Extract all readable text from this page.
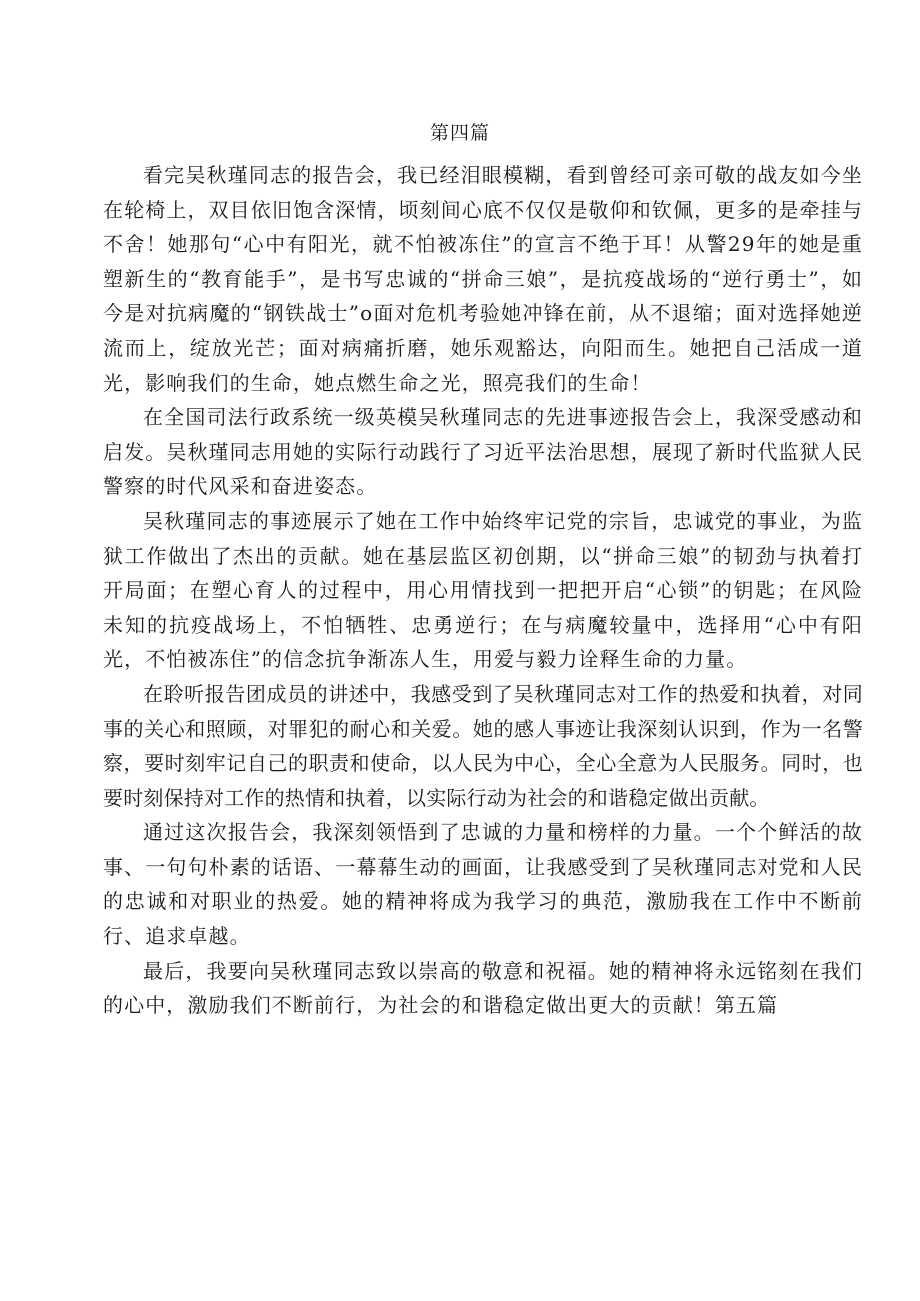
第四篇

看完吴秋瑾同志的报告会，我已经泪眼模糊，看到曾经可亲可敬的战友如今坐在轮椅上，双目依旧饱含深情，顷刻间心底不仅仅是敬仰和钦佩，更多的是牵挂与不舍！她那句“心中有阳光，就不怕被冻住”的宣言不绝于耳！从警29年的她是重塑新生的“教育能手”，是书写忠诚的“拼命三娘”，是抗疫战场的“逆行勇士”，如今是对抗病魔的“钢铁战士”o面对危机考验她冲锋在前，从不退缩；面对选择她逆流而上，绽放光芒；面对病痛折磨，她乐观豁达，向阳而生。她把自己活成一道光，影响我们的生命，她点燃生命之光，照亮我们的生命！

在全国司法行政系统一级英模吴秋瑾同志的先进事迹报告会上，我深受感动和启发。吴秋瑾同志用她的实际行动践行了习近平法治思想，展现了新时代监狱人民警察的时代风采和奋进姿态。

吴秋瑾同志的事迹展示了她在工作中始终牢记党的宗旨，忠诚党的事业，为监狱工作做出了杰出的贡献。她在基层监区初创期，以“拼命三娘”的韧劲与执着打开局面；在塑心育人的过程中，用心用情找到一把把开启“心锁”的钥匙；在风险未知的抗疫战场上，不怕牺牲、忠勇逆行；在与病魔较量中，选择用“心中有阳光，不怕被冻住”的信念抗争渐冻人生，用爱与毅力诠释生命的力量。

在聆听报告团成员的讲述中，我感受到了吴秋瑾同志对工作的热爱和执着，对同事的关心和照顾，对罪犯的耐心和关爱。她的感人事迹让我深刻认识到，作为一名警察，要时刻牢记自己的职责和使命，以人民为中心，全心全意为人民服务。同时，也要时刻保持对工作的热情和执着，以实际行动为社会的和谐稳定做出贡献。

通过这次报告会，我深刻领悟到了忠诚的力量和榜样的力量。一个个鲜活的故事、一句句朴素的话语、一幕幕生动的画面，让我感受到了吴秋瑾同志对党和人民的忠诚和对职业的热爱。她的精神将成为我学习的典范，激励我在工作中不断前行、追求卓越。

最后，我要向吴秋瑾同志致以崇高的敬意和祝福。她的精神将永远铭刻在我们的心中，激励我们不断前行，为社会的和谐稳定做出更大的贡献！第五篇
